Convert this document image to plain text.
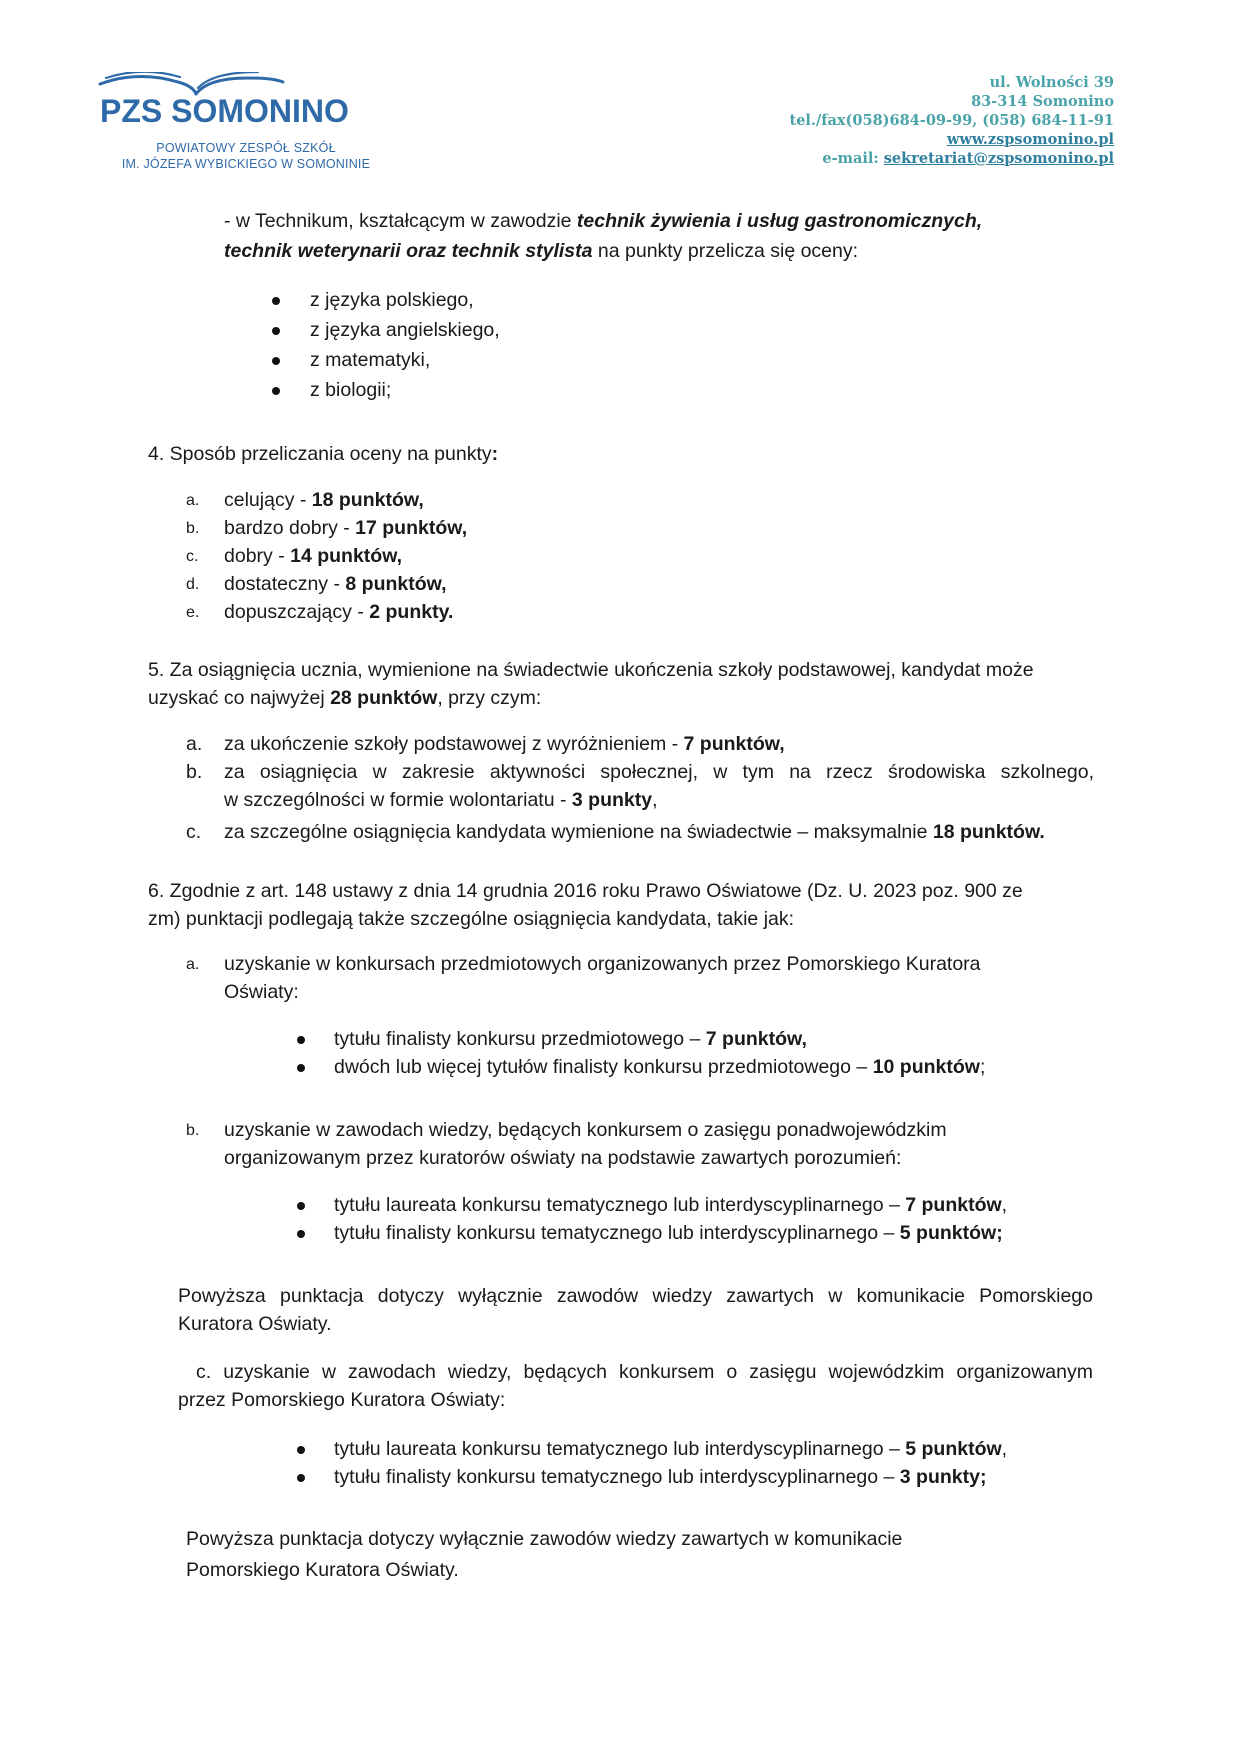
PZS SOMONINO
POWIATOWY ZESPÓŁ SZKÓŁ
IM. JÓZEFA WYBICKIEGO W SOMONINIE
ul. Wolności 39
83-314 Somonino
tel./fax(058)684-09-99, (058) 684-11-91
www.zspsomonino.pl
e-mail: sekretariat@zspsomonino.pl
- w Technikum, kształcącym w zawodzie technik żywienia i usług gastronomicznych,
technik weterynarii oraz technik stylista na punkty przelicza się oceny:
z języka polskiego,
z języka angielskiego,
z matematyki,
z biologii;
4. Sposób przeliczania oceny na punkty:
a. celujący - 18 punktów,
b. bardzo dobry - 17 punktów,
c. dobry - 14 punktów,
d. dostateczny - 8 punktów,
e. dopuszczający - 2 punkty.
5. Za osiągnięcia ucznia, wymienione na świadectwie ukończenia szkoły podstawowej, kandydat może
uzyskać co najwyżej 28 punktów, przy czym:
a. za ukończenie szkoły podstawowej z wyróżnieniem - 7 punktów,
b. za osiągnięcia w zakresie aktywności społecznej, w tym na rzecz środowiska szkolnego,
w szczególności w formie wolontariatu - 3 punkty,
c. za szczególne osiągnięcia kandydata wymienione na świadectwie – maksymalnie 18 punktów.
6. Zgodnie z art. 148 ustawy z dnia 14 grudnia 2016 roku Prawo Oświatowe (Dz. U. 2023 poz. 900 ze
zm) punktacji podlegają także szczególne osiągnięcia kandydata, takie jak:
a. uzyskanie w konkursach przedmiotowych organizowanych przez Pomorskiego Kuratora
Oświaty:
tytułu finalisty konkursu przedmiotowego – 7 punktów,
dwóch lub więcej tytułów finalisty konkursu przedmiotowego – 10 punktów;
b. uzyskanie w zawodach wiedzy, będących konkursem o zasięgu ponadwojewódzkim
organizowanym przez kuratorów oświaty na podstawie zawartych porozumień:
tytułu laureata konkursu tematycznego lub interdyscyplinarnego – 7 punktów,
tytułu finalisty konkursu tematycznego lub interdyscyplinarnego – 5 punktów;
Powyższa punktacja dotyczy wyłącznie zawodów wiedzy zawartych w komunikacie Pomorskiego
Kuratora Oświaty.
c. uzyskanie w zawodach wiedzy, będących konkursem o zasięgu wojewódzkim organizowanym
przez Pomorskiego Kuratora Oświaty:
tytułu laureata konkursu tematycznego lub interdyscyplinarnego – 5 punktów,
tytułu finalisty konkursu tematycznego lub interdyscyplinarnego – 3 punkty;
Powyższa punktacja dotyczy wyłącznie zawodów wiedzy zawartych w komunikacie
Pomorskiego Kuratora Oświaty.
